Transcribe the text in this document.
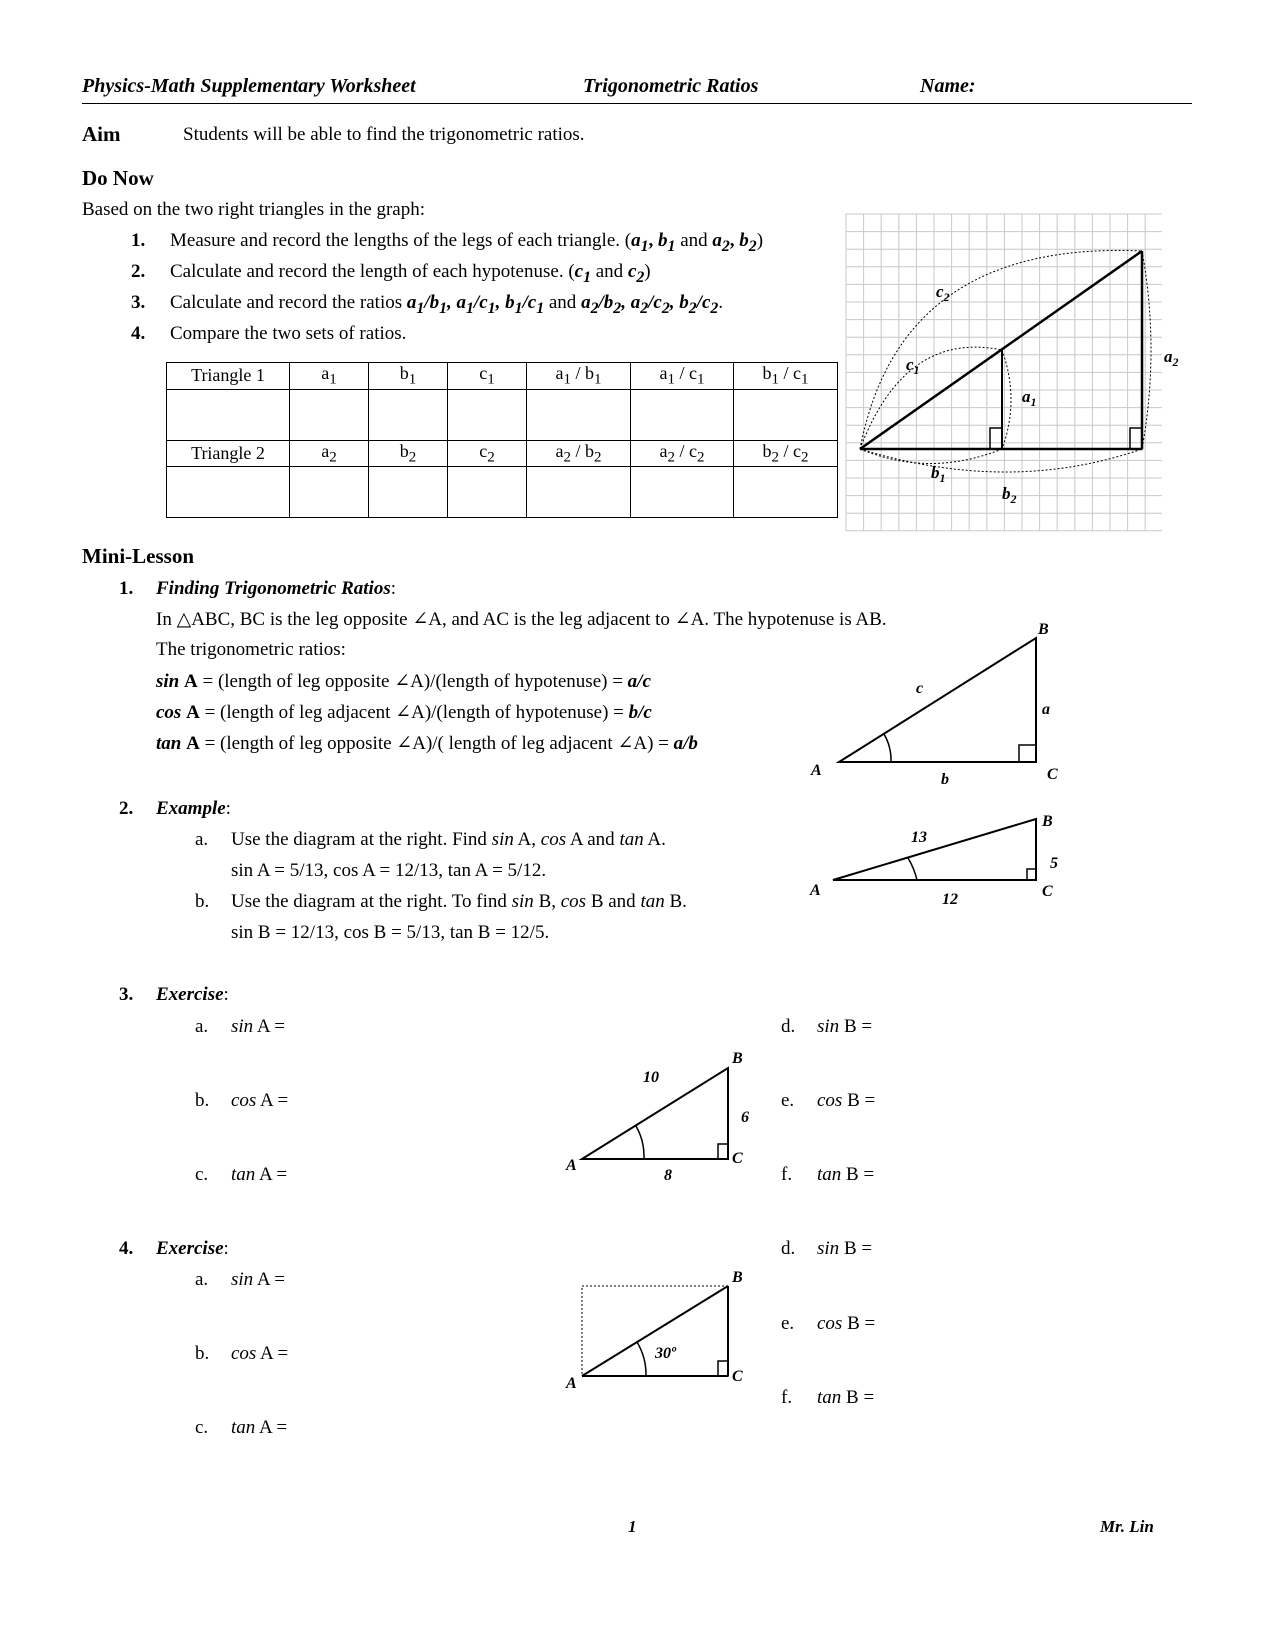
Physics-Math Supplementary Worksheet	Trigonometric Ratios	Name:
Aim	Students will be able to find the trigonometric ratios.
Do Now
Based on the two right triangles in the graph:
1. Measure and record the lengths of the legs of each triangle. ($a_1$, $b_1$ and $a_2$, $b_2$)
2. Calculate and record the length of each hypotenuse. ($c_1$ and $c_2$)
3. Calculate and record the ratios $a_1/b_1$, $a_1/c_1$, $b_1/c_1$ and $a_2/b_2$, $a_2/c_2$, $b_2/c_2$.
4. Compare the two sets of ratios.
Triangle 1	$a_1$	$b_1$	$c_1$	$a_1 / b_1$	$a_1 / c_1$	$b_1 / c_1$

Triangle 2	$a_2$	$b_2$	$c_2$	$a_2 / b_2$	$a_2 / c_2$	$b_2 / c_2$

$c_2$
$c_1$
$a_2$
$a_1$
$b_1$
$b_2$
Mini-Lesson
1. Finding Trigonometric Ratios:
In △ABC, BC is the leg opposite ∠A, and AC is the leg adjacent to ∠A. The hypotenuse is AB.
The trigonometric ratios:
sin A = (length of leg opposite ∠A)/(length of hypotenuse) = a/c
cos A = (length of leg adjacent ∠A)/(length of hypotenuse) = b/c
tan A = (length of leg opposite ∠A)/( length of leg adjacent ∠A) = a/b
B
A	C
c
a
b
2. Example:
a. Use the diagram at the right. Find sin A, cos A and tan A.
sin A = 5/13, cos A = 12/13, tan A = 5/12.
b. Use the diagram at the right. To find sin B, cos B and tan B.
sin B = 12/13, cos B = 5/13, tan B = 12/5.
B
A	C
13
5
12
3. Exercise:
a. sin A =
b. cos A =
c. tan A =
d. sin B =
e. cos B =
f. tan B =
B
A	C
10
6
8
4. Exercise:
a. sin A =
b. cos A =
c. tan A =
d. sin B =
e. cos B =
f. tan B =
B
A	C
30º
1	Mr. Lin
